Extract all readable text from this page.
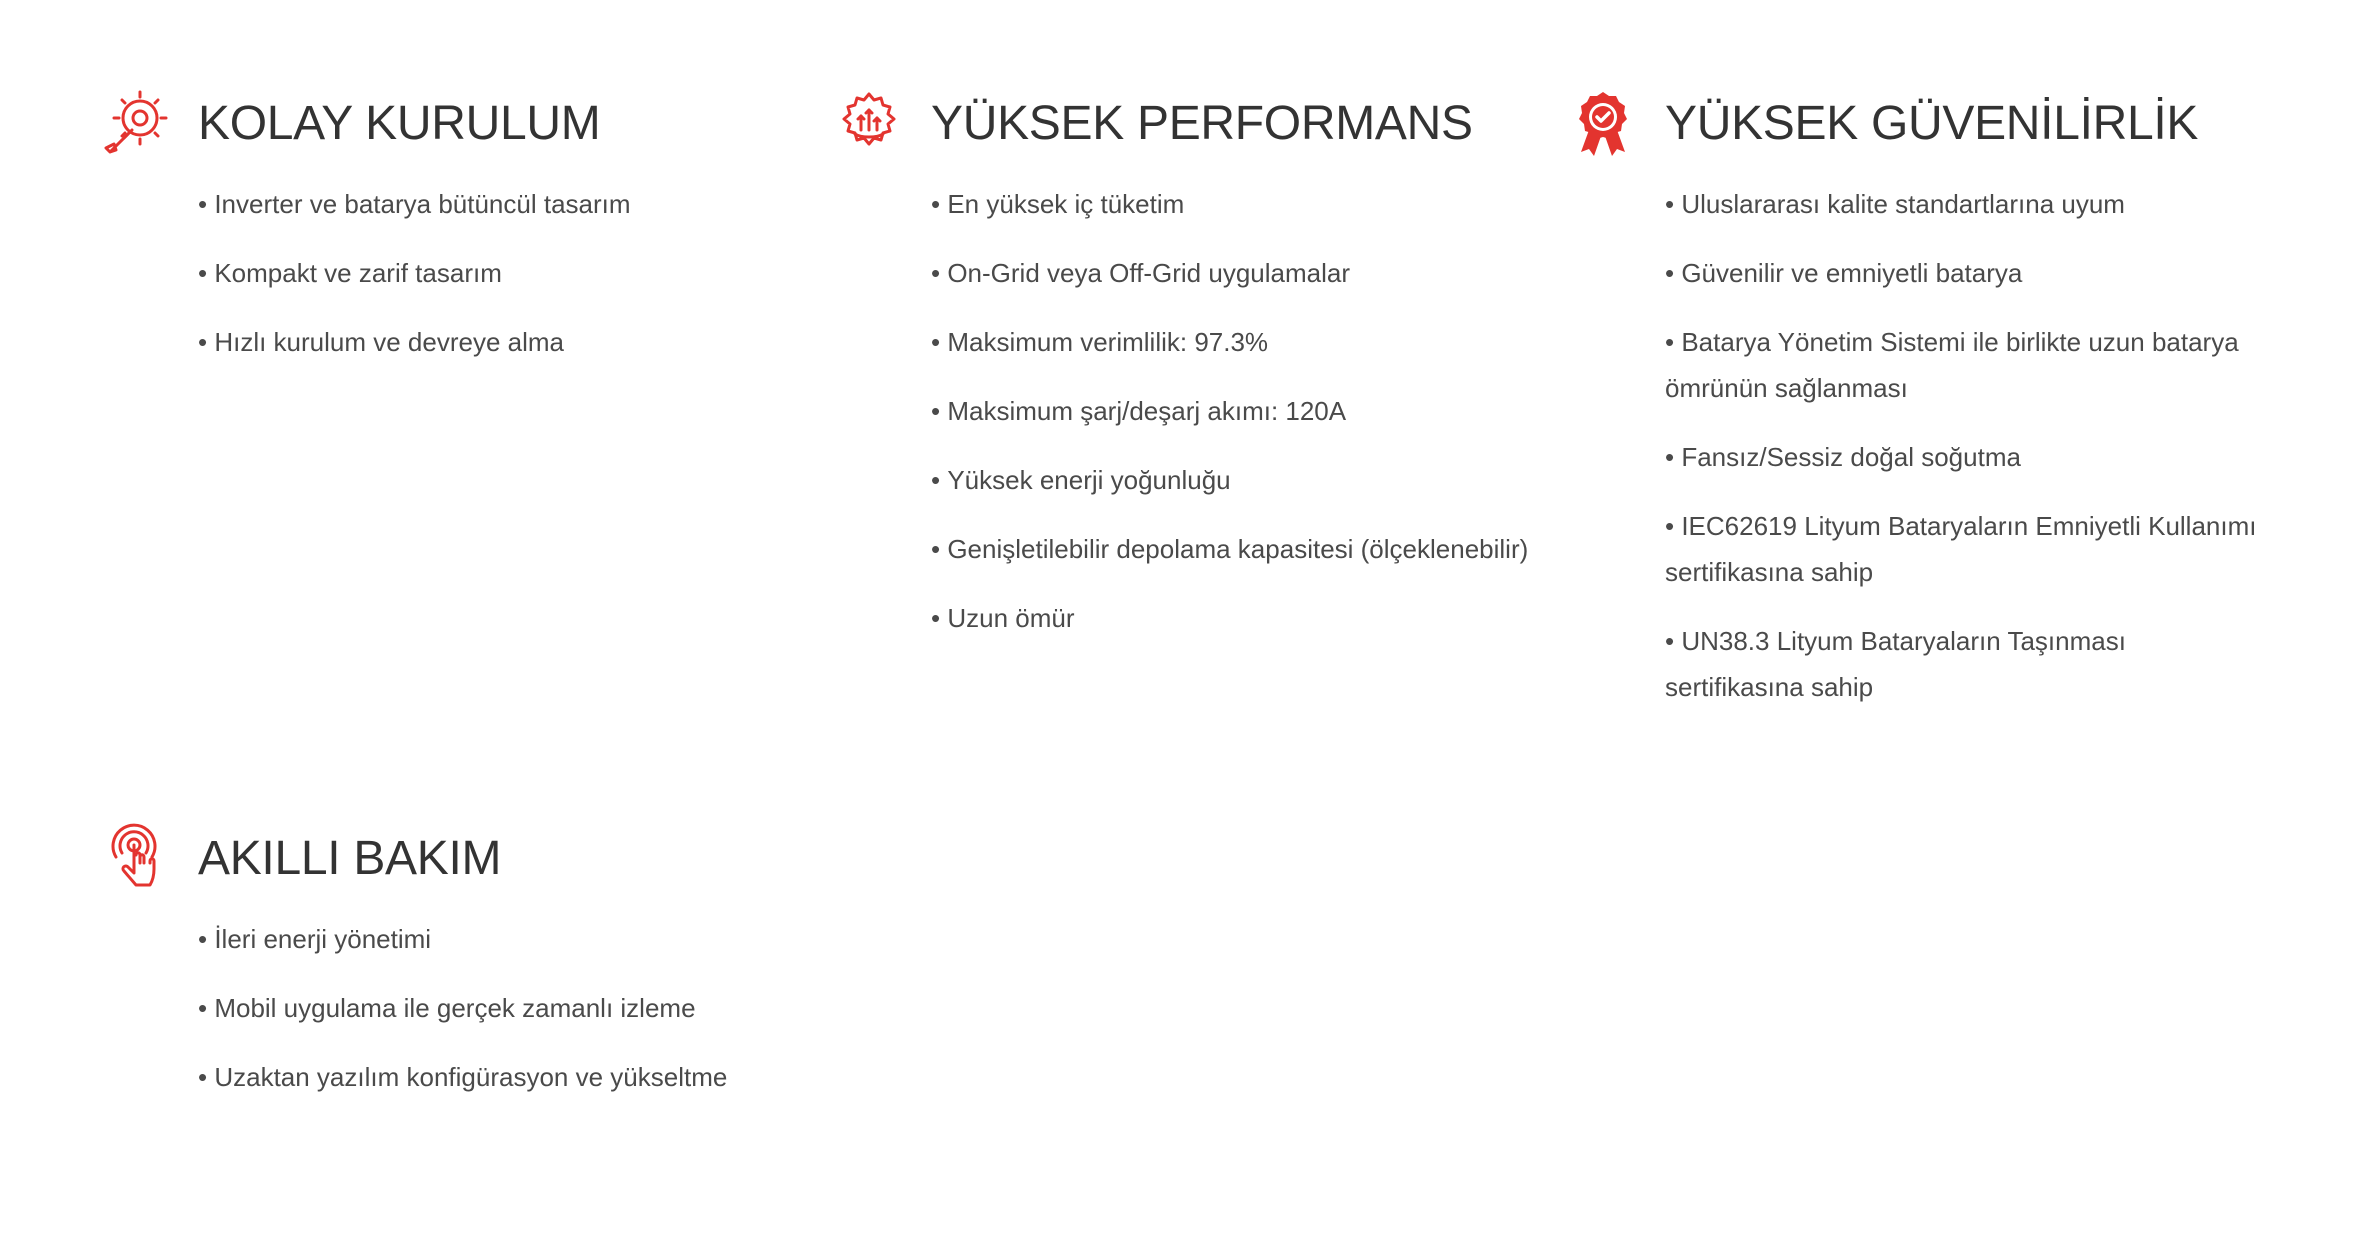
KOLAY KURULUM
• Inverter ve batarya bütüncül tasarım
• Kompakt ve zarif tasarım
• Hızlı kurulum ve devreye alma
YÜKSEK PERFORMANS
• En yüksek iç tüketim
• On-Grid veya Off-Grid uygulamalar
• Maksimum verimlilik: 97.3%
• Maksimum şarj/deşarj akımı: 120A
• Yüksek enerji yoğunluğu
• Genişletilebilir depolama kapasitesi (ölçeklenebilir)
• Uzun ömür
YÜKSEK GÜVENİLİRLİK
• Uluslararası kalite standartlarına uyum
• Güvenilir ve emniyetli batarya
• Batarya Yönetim Sistemi ile birlikte uzun batarya ömrünün sağlanması
• Fansız/Sessiz doğal soğutma
• IEC62619 Lityum Bataryaların Emniyetli Kullanımı sertifikasına sahip
• UN38.3 Lityum Bataryaların Taşınması sertifikasına sahip
AKILLI BAKIM
• İleri enerji yönetimi
• Mobil uygulama ile gerçek zamanlı izleme
• Uzaktan yazılım konfigürasyon ve yükseltme
